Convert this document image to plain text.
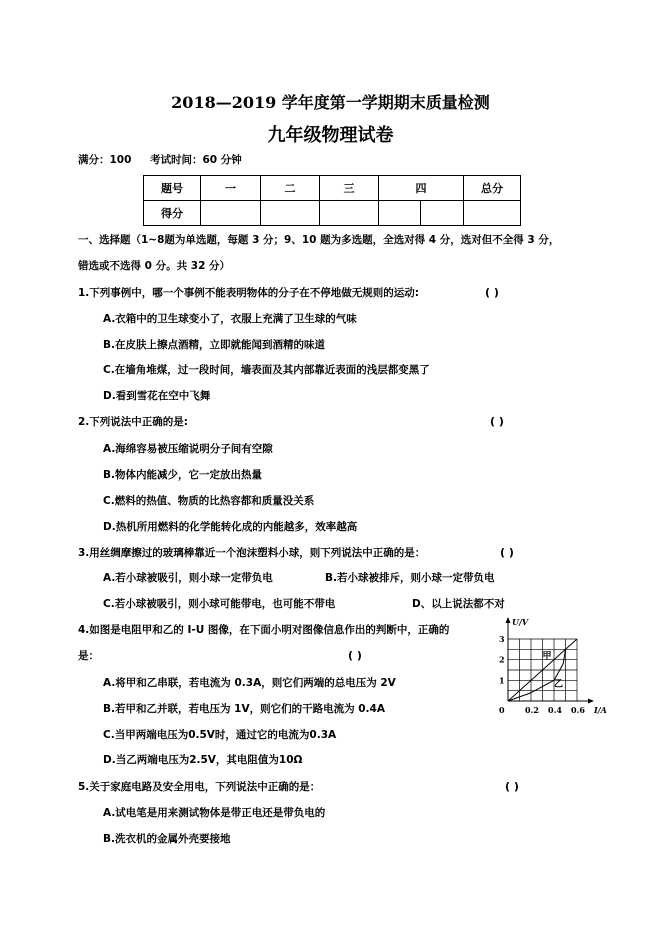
2018—2019 学年度第一学期期末质量检测
九年级物理试卷
满分：100 考试时间：60 分钟
题号	一	二	三	四		总分
得分						
一、选择题（1~8题为单选题，每题 3 分；9、10 题为多选题，全选对得 4 分，选对但不全得 3 分，
错选或不选得 0 分。共 32 分）
1.下列事例中，哪一个事例不能表明物体的分子在不停地做无规则的运动:	( )
A.衣箱中的卫生球变小了，衣服上充满了卫生球的气味
B.在皮肤上擦点酒精，立即就能闻到酒精的味道
C.在墙角堆煤，过一段时间，墙表面及其内部靠近表面的浅层都变黑了
D.看到雪花在空中飞舞
2.下列说法中正确的是:	( )
A.海绵容易被压缩说明分子间有空隙
B.物体内能减少，它一定放出热量
C.燃料的热值、物质的比热容都和质量没关系
D.热机所用燃料的化学能转化成的内能越多，效率越高
3.用丝绸摩擦过的玻璃棒靠近一个泡沫塑料小球，则下列说法中正确的是：	( )
A.若小球被吸引，则小球一定带负电	B.若小球被排斥，则小球一定带负电
C.若小球被吸引，则小球可能带电，也可能不带电	D、以上说法都不对
4.如图是电阻甲和乙的 I-U 图像，在下面小明对图像信息作出的判断中，正确的
是：	( )
A.将甲和乙串联，若电流为 0.3A，则它们两端的总电压为 2V
B.若甲和乙并联，若电压为 1V，则它们的干路电流为 0.4A
C.当甲两端电压为0.5V时，通过它的电流为0.3A
D.当乙两端电压为2.5V，其电阻值为10Ω
甲
乙
0	0.2 0.4 0.6
1
2
3
U/V
I/A
5.关于家庭电路及安全用电，下列说法中正确的是：	( )
A.试电笔是用来测试物体是带正电还是带负电的
B.洗衣机的金属外壳要接地
